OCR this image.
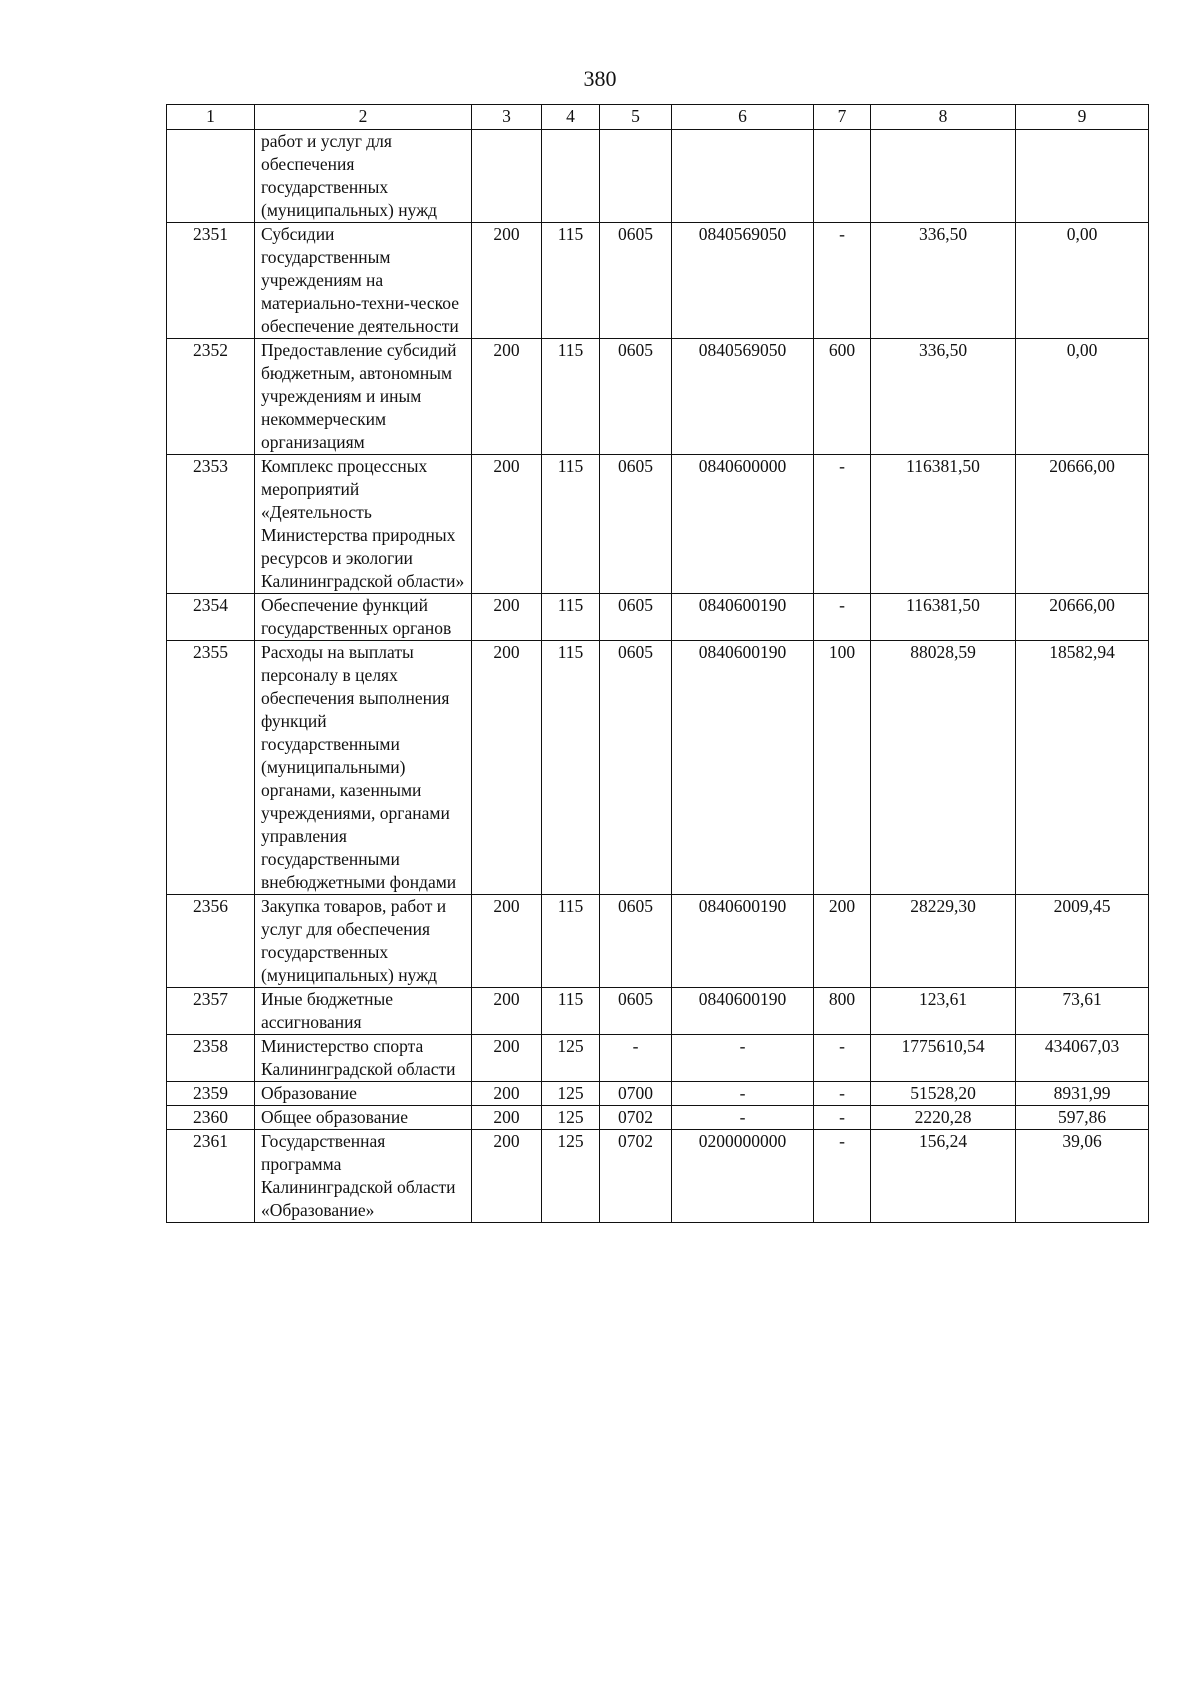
380
1	2	3	4	5	6	7	8	9
	работ и услуг для обеспечения государственных (муниципальных) нужд							
2351	Субсидии государственным учреждениям на материально-техни-ческое обеспечение деятельности	200	115	0605	0840569050	-	336,50	0,00
2352	Предоставление субсидий бюджетным, автономным учреждениям и иным некоммерческим организациям	200	115	0605	0840569050	600	336,50	0,00
2353	Комплекс процессных мероприятий «Деятельность Министерства природных ресурсов и экологии Калининградской области»	200	115	0605	0840600000	-	116381,50	20666,00
2354	Обеспечение функций государственных органов	200	115	0605	0840600190	-	116381,50	20666,00
2355	Расходы на выплаты персоналу в целях обеспечения выполнения функций государственными (муниципальными) органами, казенными учреждениями, органами управления государственными внебюджетными фондами	200	115	0605	0840600190	100	88028,59	18582,94
2356	Закупка товаров, работ и услуг для обеспечения государственных (муниципальных) нужд	200	115	0605	0840600190	200	28229,30	2009,45
2357	Иные бюджетные ассигнования	200	115	0605	0840600190	800	123,61	73,61
2358	Министерство спорта Калининградской области	200	125	-	-	-	1775610,54	434067,03
2359	Образование	200	125	0700	-	-	51528,20	8931,99
2360	Общее образование	200	125	0702	-	-	2220,28	597,86
2361	Государственная программа Калининградской области «Образование»	200	125	0702	0200000000	-	156,24	39,06
